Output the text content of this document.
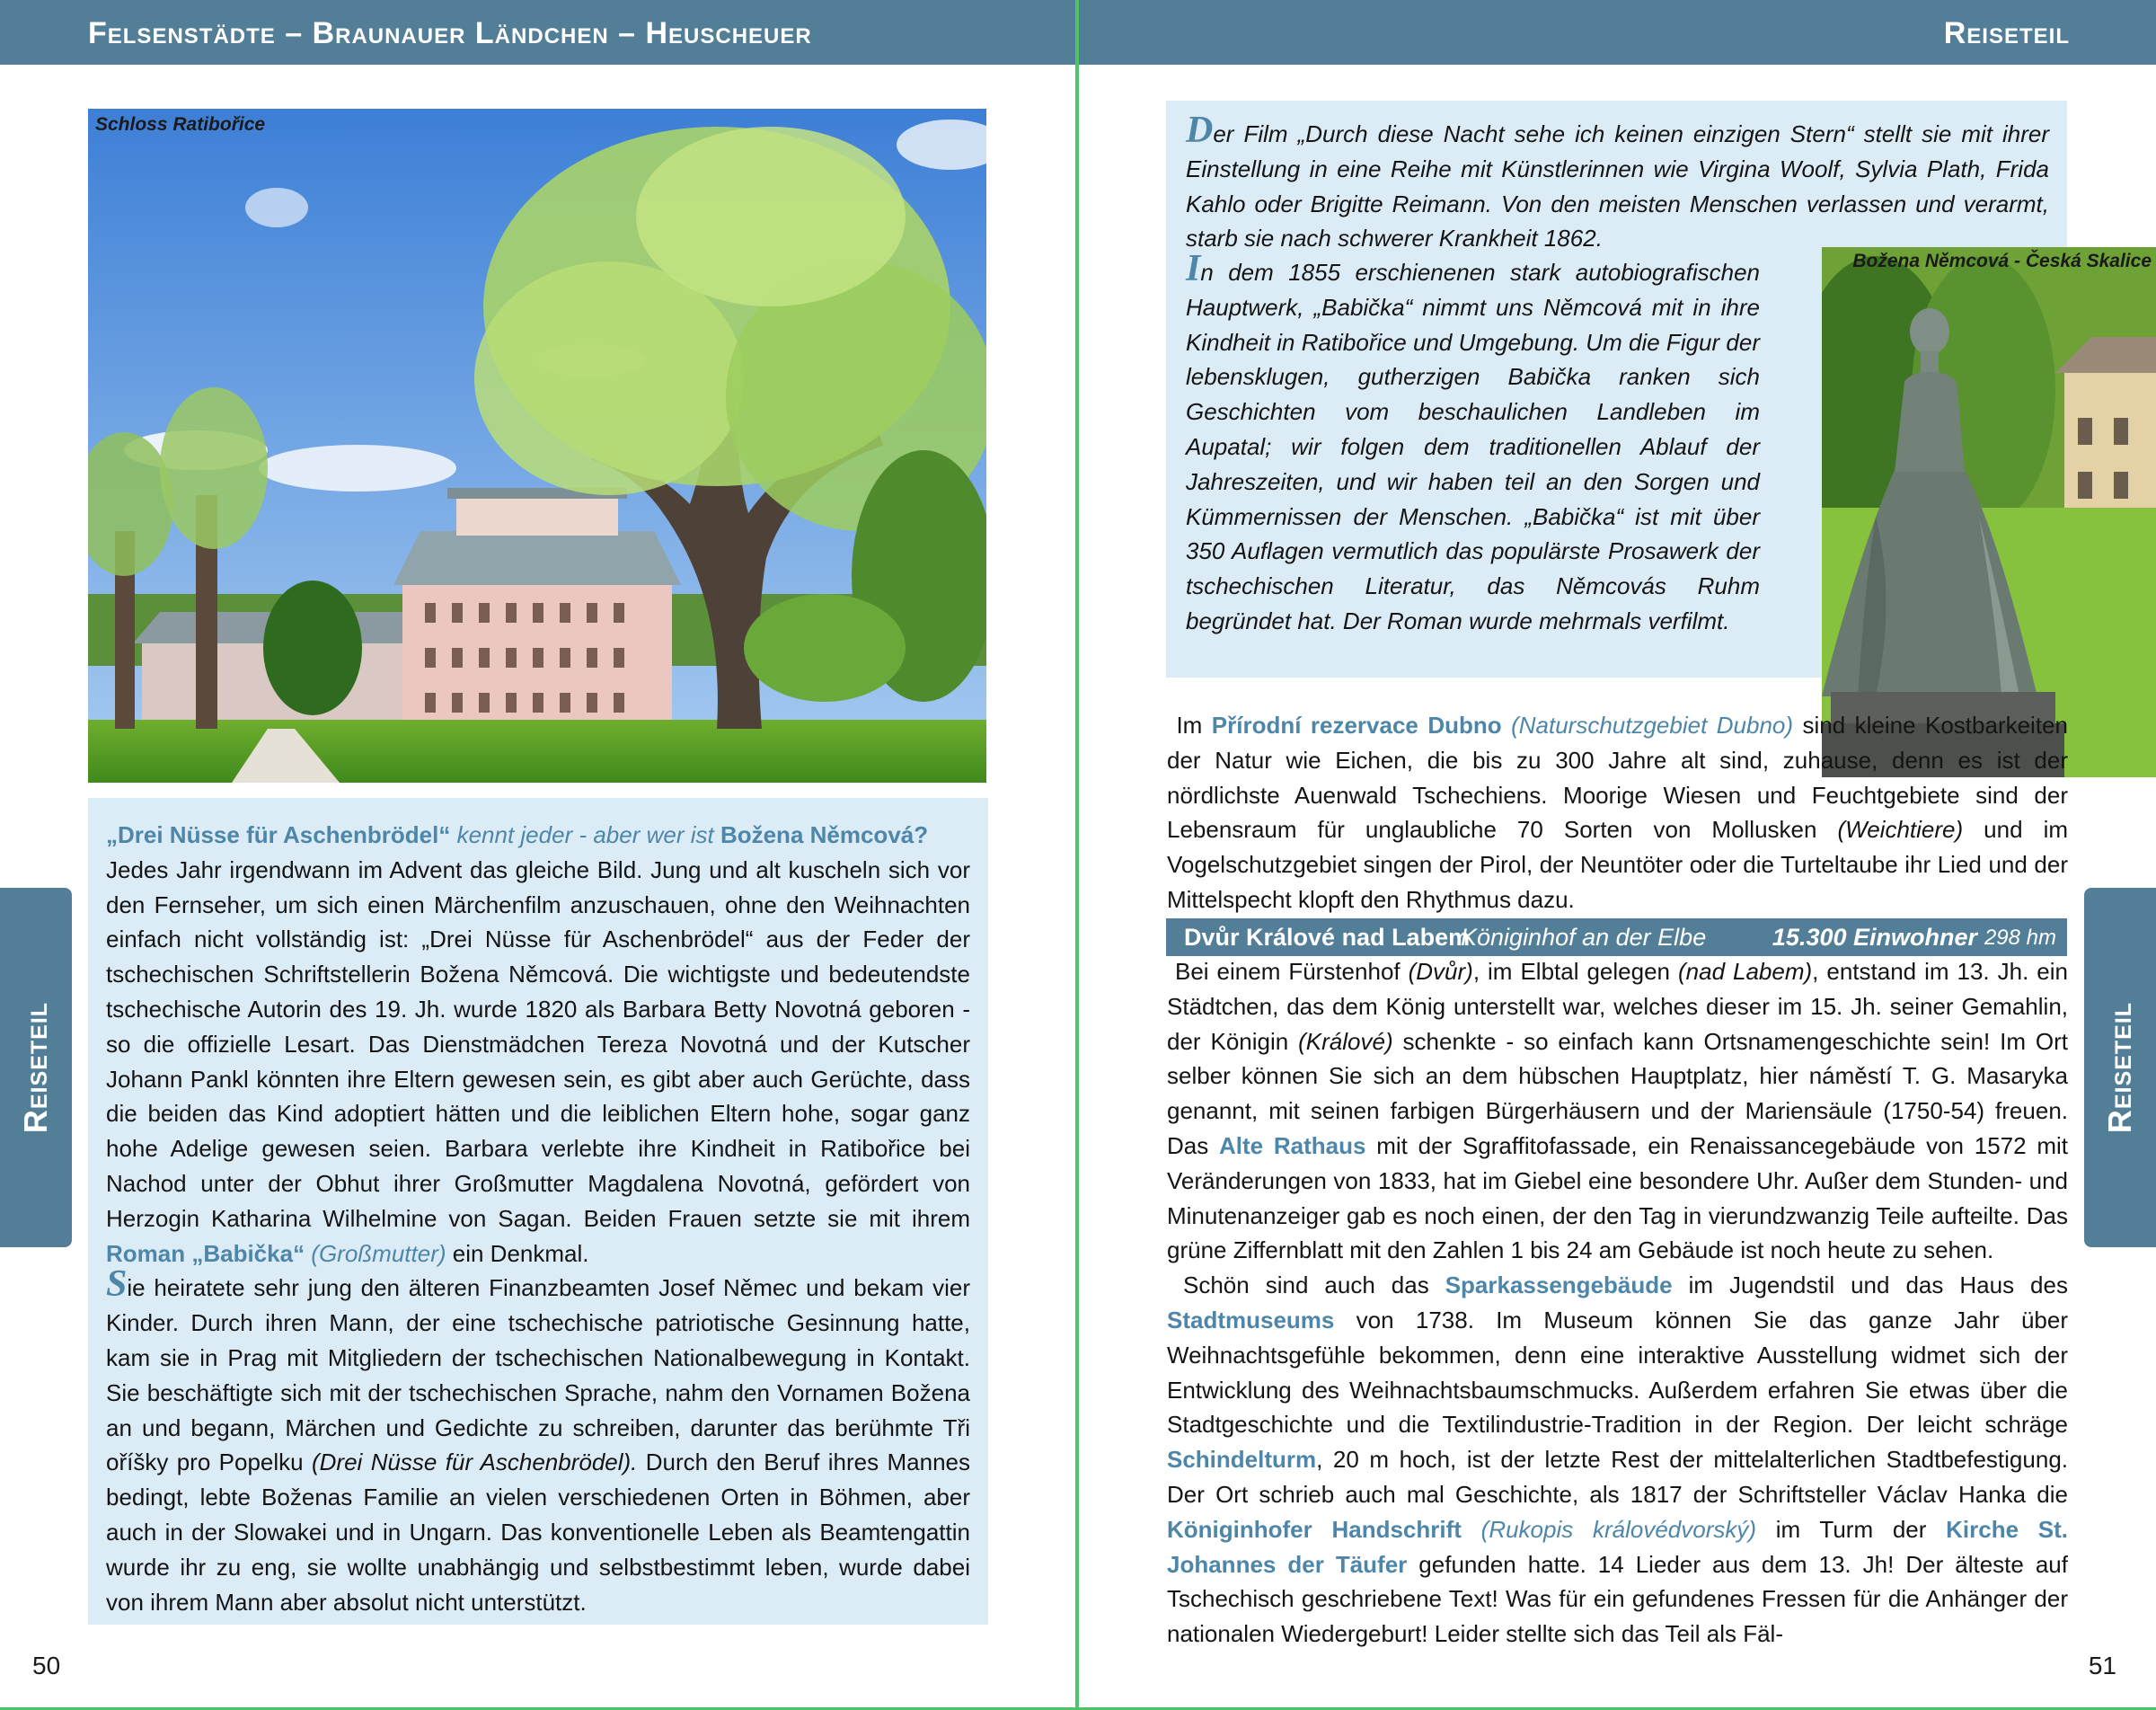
Felsenstädte – Braunauer Ländchen – Heuscheuer
Schloss Ratibořice

„Drei Nüsse für Aschenbrödel“ kennt jeder - aber wer ist Božena Němcová?
Jedes Jahr irgendwann im Advent das gleiche Bild. Jung und alt kuscheln sich vor den Fernseher, um sich einen Märchenfilm anzuschauen, ohne den Weihnachten einfach nicht vollständig ist: „Drei Nüsse für Aschenbrödel“ aus der Feder der tschechischen Schriftstellerin Božena Němcová. Die wichtigste und bedeutendste tschechische Autorin des 19. Jh. wurde 1820 als Barbara Betty Novotná geboren - so die offizielle Lesart. Das Dienstmädchen Tereza Novotná und der Kutscher Johann Pankl könnten ihre Eltern gewesen sein, es gibt aber auch Gerüchte, dass die beiden das Kind adoptiert hätten und die leiblichen Eltern hohe, sogar ganz hohe Adelige gewesen seien. Barbara verlebte ihre Kindheit in Ratibořice bei Nachod unter der Obhut ihrer Großmutter Magdalena Novotná, gefördert von Herzogin Katharina Wilhelmine von Sagan. Beiden Frauen setzte sie mit ihrem Roman „Babička“ (Großmutter) ein Denkmal.

Sie heiratete sehr jung den älteren Finanzbeamten Josef Němec und bekam vier Kinder. Durch ihren Mann, der eine tschechische patriotische Gesinnung hatte, kam sie in Prag mit Mitgliedern der tschechischen Nationalbewegung in Kontakt. Sie beschäftigte sich mit der tschechischen Sprache, nahm den Vornamen Božena an und begann, Märchen und Gedichte zu schreiben, darunter das berühmte Tři oříšky pro Popelku (Drei Nüsse für Aschenbrödel). Durch den Beruf ihres Mannes bedingt, lebte Boženas Familie an vielen verschiedenen Orten in Böhmen, aber auch in der Slowakei und in Ungarn. Das konventionelle Leben als Beamtengattin wurde ihr zu eng, sie wollte unabhängig und selbstbestimmt leben, wurde dabei von ihrem Mann aber absolut nicht unterstützt.

Reiseteil
50
Reiseteil
Der Film „Durch diese Nacht sehe ich keinen einzigen Stern“ stellt sie mit ihrer Einstellung in eine Reihe mit Künstlerinnen wie Virgina Woolf, Sylvia Plath, Frida Kahlo oder Brigitte Reimann. Von den meisten Menschen verlassen und verarmt, starb sie nach schwerer Krankheit 1862.
In dem 1855 erschienenen stark autobiografischen Hauptwerk, „Babička“ nimmt uns Němcová mit in ihre Kindheit in Ratibořice und Umgebung. Um die Figur der lebensklugen, gutherzigen Babička ranken sich Geschichten vom beschaulichen Landleben im Aupatal; wir folgen dem traditionellen Ablauf der Jahreszeiten, und wir haben teil an den Sorgen und Kümmernissen der Menschen. „Babička“ ist mit über 350 Auflagen vermutlich das populärste Prosawerk der tschechischen Literatur, das Němcovás Ruhm begründet hat. Der Roman wurde mehrmals verfilmt.
Božena Němcová - Česká Skalice
Im Přírodní rezervace Dubno (Naturschutzgebiet Dubno) sind kleine Kostbarkeiten der Natur wie Eichen, die bis zu 300 Jahre alt sind, zuhause, denn es ist der nördlichste Auenwald Tschechiens. Moorige Wiesen und Feuchtgebiete sind der Lebensraum für unglaubliche 70 Sorten von Mollusken (Weichtiere) und im Vogelschutzgebiet singen der Pirol, der Neuntöter oder die Turteltaube ihr Lied und der Mittelspecht klopft den Rhythmus dazu.
Dvůr Králové nad Labem
Königinhof an der Elbe	15.300 Einwohner 298 hm

Bei einem Fürstenhof (Dvůr), im Elbtal gelegen (nad Labem), entstand im 13. Jh. ein Städtchen, das dem König unterstellt war, welches dieser im 15. Jh. seiner Gemahlin, der Königin (Králové) schenkte - so einfach kann Ortsnamengeschichte sein! Im Ort selber können Sie sich an dem hübschen Hauptplatz, hier náměstí T. G. Masaryka genannt, mit seinen farbigen Bürgerhäusern und der Mariensäule (1750-54) freuen. Das Alte Rathaus mit der Sgraffitofassade, ein Renaissancegebäude von 1572 mit Veränderungen von 1833, hat im Giebel eine besondere Uhr. Außer dem Stunden- und Minutenanzeiger gab es noch einen, der den Tag in vierundzwanzig Teile aufteilte. Das grüne Ziffernblatt mit den Zahlen 1 bis 24 am Gebäude ist noch heute zu sehen.

Schön sind auch das Sparkassengebäude im Jugendstil und das Haus des Stadtmuseums von 1738. Im Museum können Sie das ganze Jahr über Weihnachtsgefühle bekommen, denn eine interaktive Ausstellung widmet sich der Entwicklung des Weihnachtsbaumschmucks. Außerdem erfahren Sie etwas über die Stadtgeschichte und die Textilindustrie-Tradition in der Region. Der leicht schräge Schindelturm, 20 m hoch, ist der letzte Rest der mittelalterlichen Stadtbefestigung. Der Ort schrieb auch mal Geschichte, als 1817 der Schriftsteller Václav Hanka die Königinhofer Handschrift (Rukopis královédvorský) im Turm der Kirche St. Johannes der Täufer gefunden hatte. 14 Lieder aus dem 13. Jh! Der älteste auf Tschechisch geschriebene Text! Was für ein gefundenes Fressen für die Anhänger der nationalen Wiedergeburt! Leider stellte sich das Teil als Fäl-

Reiseteil
51
